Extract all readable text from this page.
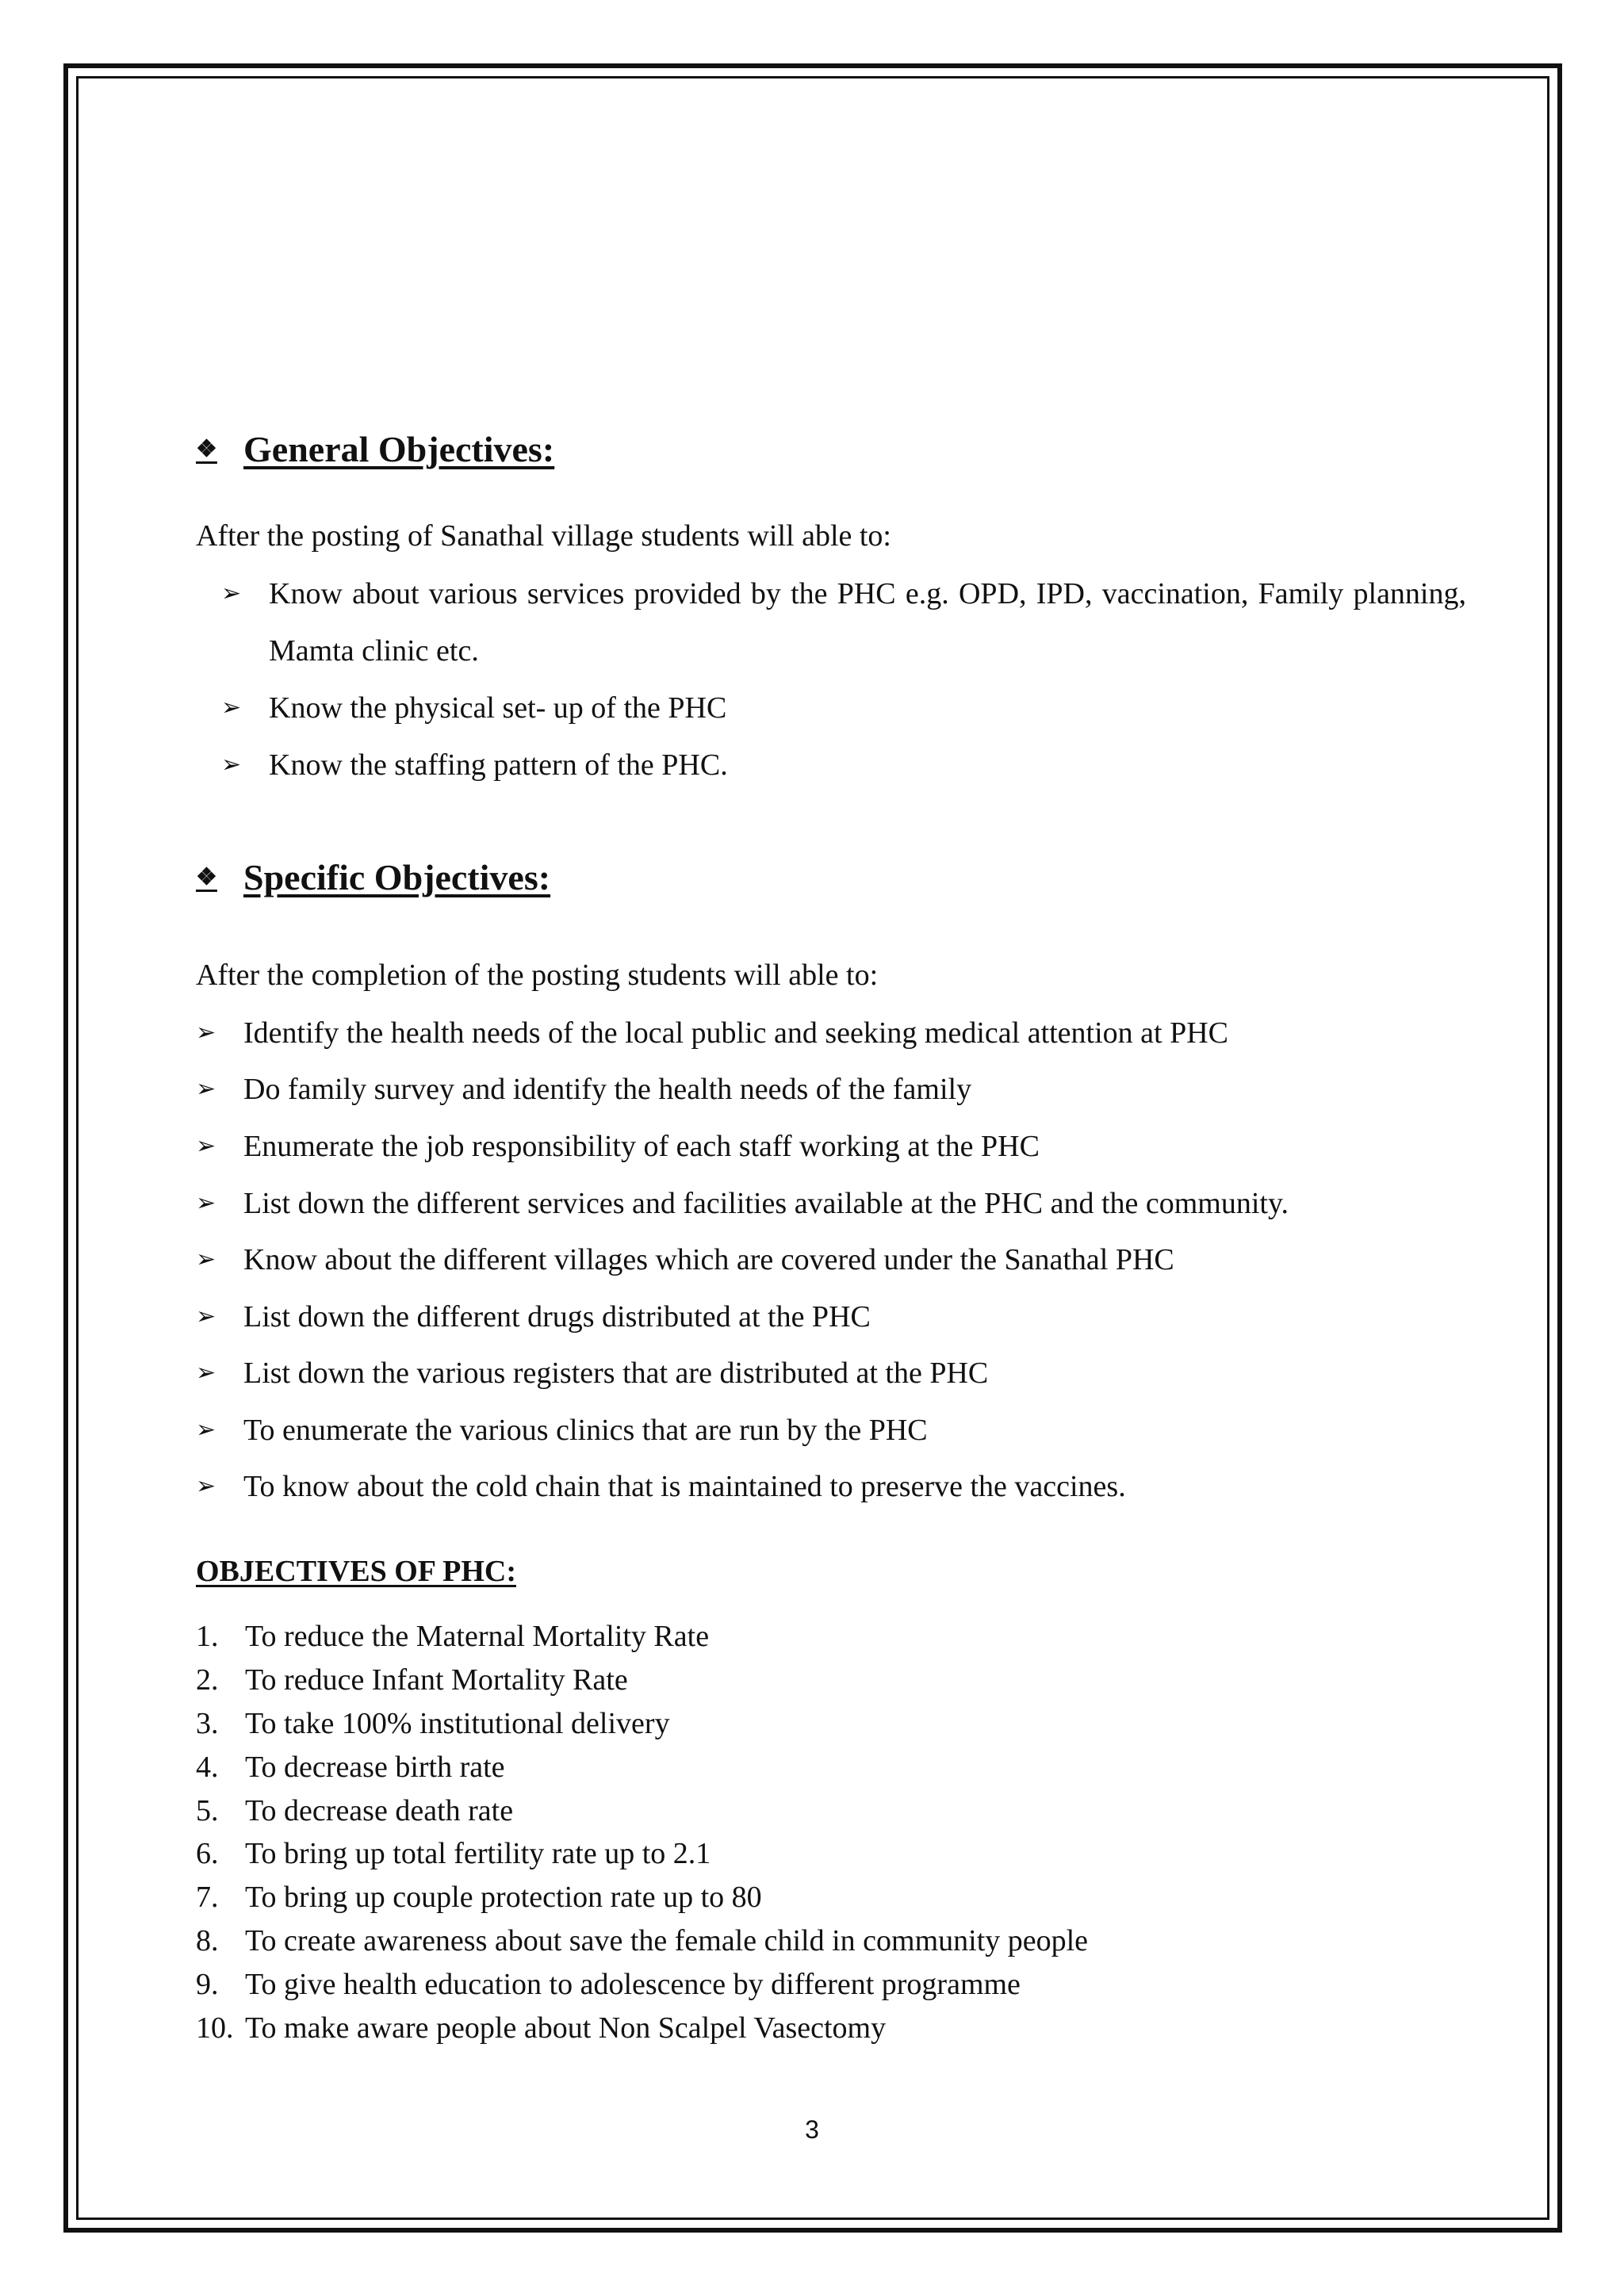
❖ General Objectives:
After the posting of Sanathal village students will able to:
➢ Know about various services provided by the PHC e.g. OPD, IPD, vaccination, Family planning, Mamta clinic etc.
➢ Know the physical set- up of the PHC
➢ Know the staffing pattern of the PHC.
❖ Specific Objectives:
After the completion of the posting students will able to:
➢ Identify the health needs of the local public and seeking medical attention at PHC
➢ Do family survey and identify the health needs of the family
➢ Enumerate the job responsibility of each staff working at the PHC
➢ List down the different services and facilities available at the PHC and the community.
➢ Know about the different villages which are covered under the Sanathal PHC
➢ List down the different drugs distributed at the PHC
➢ List down the various registers that are distributed at the PHC
➢ To enumerate the various clinics that are run by the PHC
➢ To know about the cold chain that is maintained to preserve the vaccines.
OBJECTIVES OF PHC:
1. To reduce the Maternal Mortality Rate
2. To reduce Infant Mortality Rate
3. To take 100% institutional delivery
4. To decrease birth rate
5. To decrease death rate
6. To bring up total fertility rate up to 2.1
7. To bring up couple protection rate up to 80
8. To create awareness about save the female child in community people
9. To give health education to adolescence by different programme
10. To make aware people about Non Scalpel Vasectomy
3
